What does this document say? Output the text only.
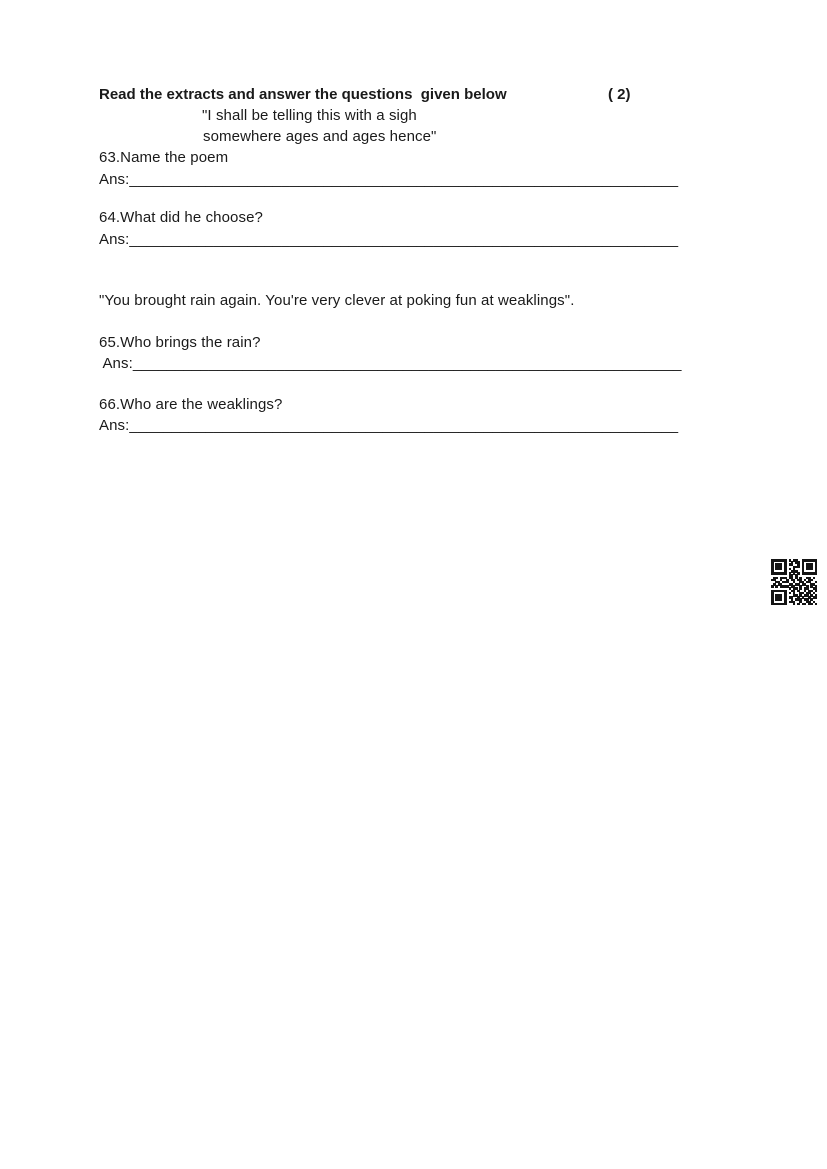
Read the extracts and answer the questions  given below	( 2)
"I shall be telling this with a sigh
somewhere ages and ages hence"
63.Name the poem
Ans:_________________________________________________________________
64.What did he choose?
Ans:_________________________________________________________________
"You brought rain again. You're very clever at poking fun at weaklings".
65.Who brings the rain?
Ans:_________________________________________________________________
66.Who are the weaklings?
Ans:_________________________________________________________________
